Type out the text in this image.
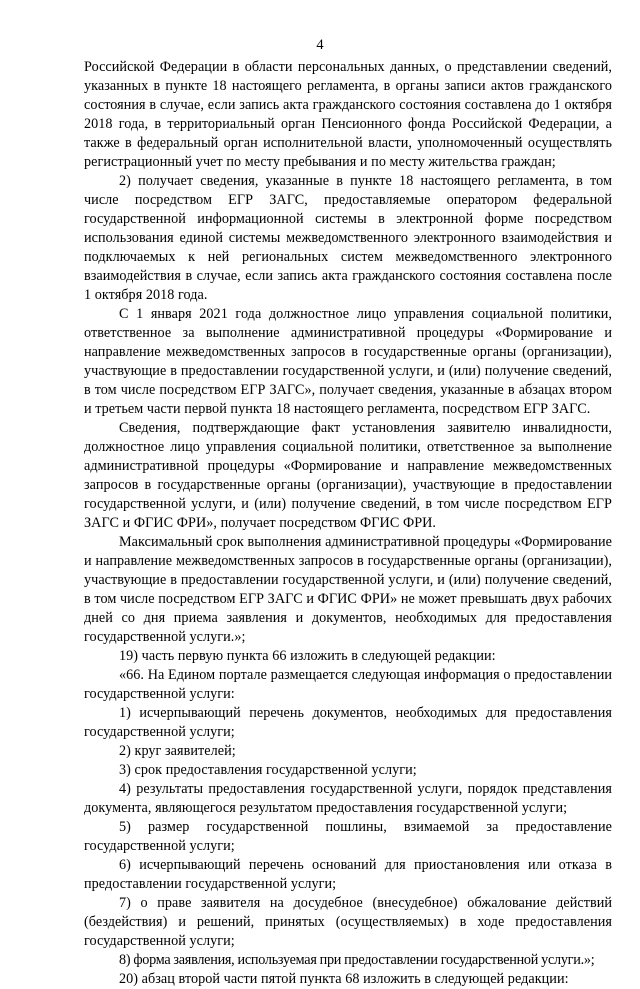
4

Российской Федерации в области персональных данных, о представлении сведений, указанных в пункте 18 настоящего регламента, в органы записи актов гражданского состояния в случае, если запись акта гражданского состояния составлена до 1 октября 2018 года, в территориальный орган Пенсионного фонда Российской Федерации, а также в федеральный орган исполнительной власти, уполномоченный осуществлять регистрационный учет по месту пребывания и по месту жительства граждан;

2) получает сведения, указанные в пункте 18 настоящего регламента, в том числе посредством ЕГР ЗАГС, предоставляемые оператором федеральной государственной информационной системы в электронной форме посредством использования единой системы межведомственного электронного взаимодействия и подключаемых к ней региональных систем межведомственного электронного взаимодействия в случае, если запись акта гражданского состояния составлена после 1 октября 2018 года.

С 1 января 2021 года должностное лицо управления социальной политики, ответственное за выполнение административной процедуры «Формирование и направление межведомственных запросов в государственные органы (организации), участвующие в предоставлении государственной услуги, и (или) получение сведений, в том числе посредством ЕГР ЗАГС», получает сведения, указанные в абзацах втором и третьем части первой пункта 18 настоящего регламента, посредством ЕГР ЗАГС.

Сведения, подтверждающие факт установления заявителю инвалидности, должностное лицо управления социальной политики, ответственное за выполнение административной процедуры «Формирование и направление межведомственных запросов в государственные органы (организации), участвующие в предоставлении государственной услуги, и (или) получение сведений, в том числе посредством ЕГР ЗАГС и ФГИС ФРИ», получает посредством ФГИС ФРИ.

Максимальный срок выполнения административной процедуры «Формирование и направление межведомственных запросов в государственные органы (организации), участвующие в предоставлении государственной услуги, и (или) получение сведений, в том числе посредством ЕГР ЗАГС и ФГИС ФРИ» не может превышать двух рабочих дней со дня приема заявления и документов, необходимых для предоставления государственной услуги.»;

19) часть первую пункта 66 изложить в следующей редакции:

«66. На Едином портале размещается следующая информация о предоставлении государственной услуги:

1) исчерпывающий перечень документов, необходимых для предоставления государственной услуги;

2) круг заявителей;

3) срок предоставления государственной услуги;

4) результаты предоставления государственной услуги, порядок представления документа, являющегося результатом предоставления государственной услуги;

5) размер государственной пошлины, взимаемой за предоставление государственной услуги;

6) исчерпывающий перечень оснований для приостановления или отказа в предоставлении государственной услуги;

7) о праве заявителя на досудебное (внесудебное) обжалование действий (бездействия) и решений, принятых (осуществляемых) в ходе предоставления государственной услуги;

8) форма заявления, используемая при предоставлении государственной услуги.»;

20) абзац второй части пятой пункта 68 изложить в следующей редакции:
